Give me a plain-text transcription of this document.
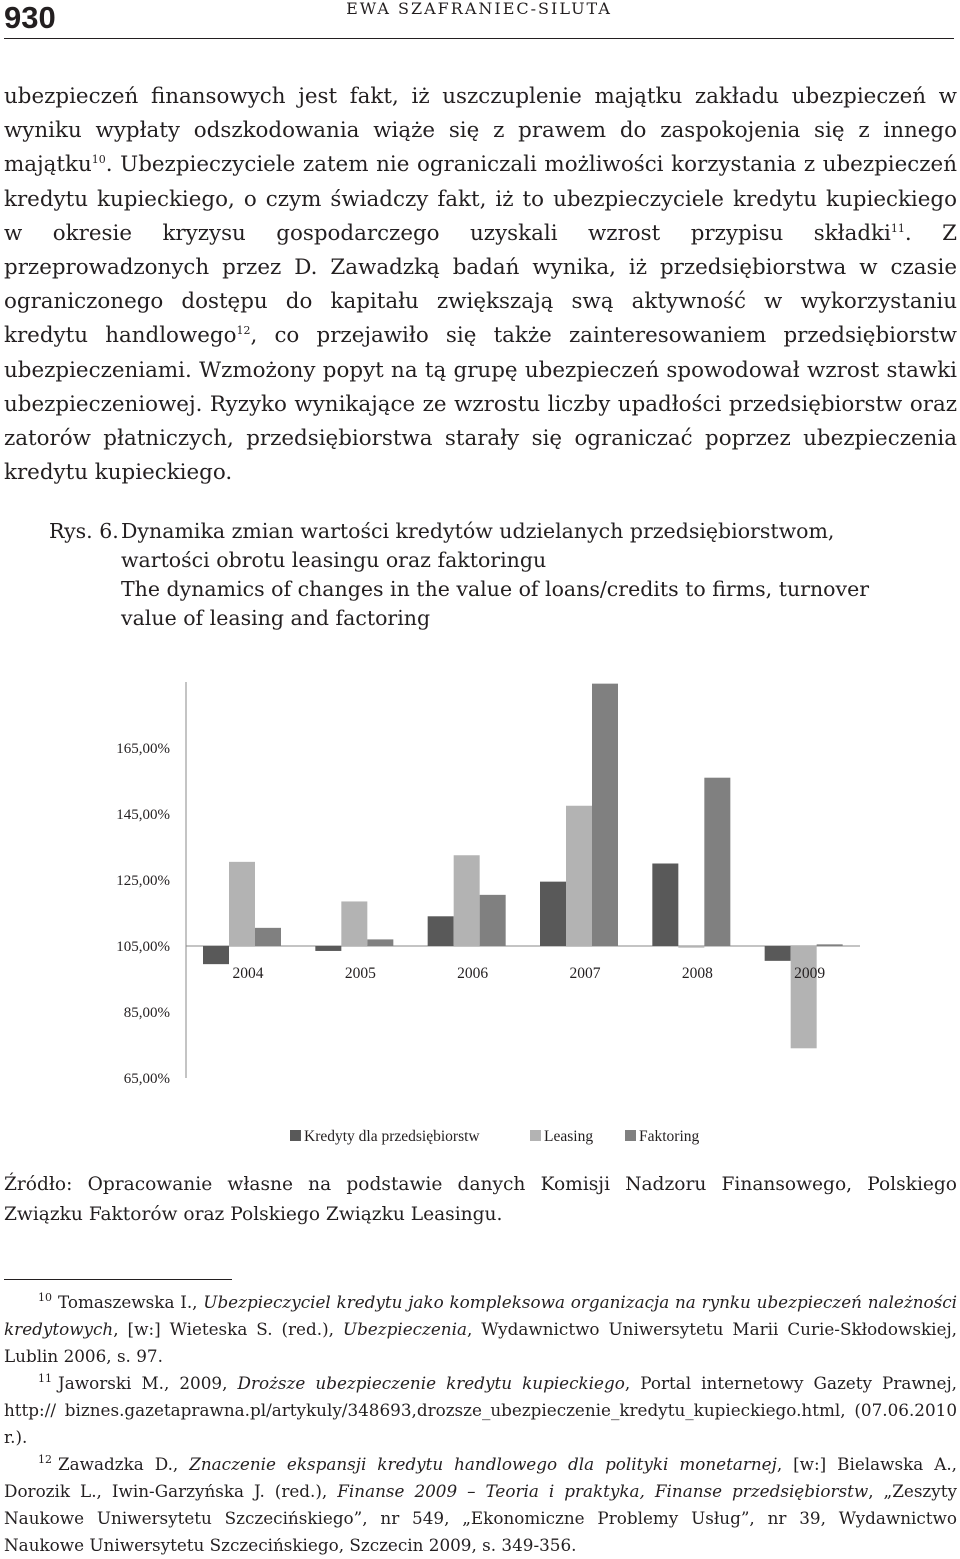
930	EWA SZAFRANIEC-SILUTA

ubezpieczeń finansowych jest fakt, iż uszczuplenie majątku zakładu ubezpieczeń w wyniku wypłaty odszkodowania wiąże się z prawem do zaspokojenia się z innego majątku$^{10}$. Ubezpieczyciele zatem nie ograniczali możliwości korzystania z ubezpieczeń kredytu kupieckiego, o czym świadczy fakt, iż to ubezpieczyciele kredytu kupieckiego w okresie kryzysu gospodarczego uzyskali wzrost przypisu składki$^{11}$. Z przeprowadzonych przez D. Zawadzką badań wynika, iż przedsiębiorstwa w czasie ograniczonego dostępu do kapitału zwiększają swą aktywność w wykorzystaniu kredytu handlowego$^{12}$, co przejawiło się także zainteresowaniem przedsiębiorstw ubezpieczeniami. Wzmożony popyt na tą grupę ubezpieczeń spowodował wzrost stawki ubezpieczeniowej. Ryzyko wynikające ze wzrostu liczby upadłości przedsiębiorstw oraz zatorów płatniczych, przedsiębiorstwa starały się ograniczać poprzez ubezpieczenia kredytu kupieckiego.

Rys. 6. Dynamika zmian wartości kredytów udzielanych przedsiębiorstwom, wartości obrotu leasingu oraz faktoringu
The dynamics of changes in the value of loans/credits to firms, turnover value of leasing and factoring
65,00%
85,00%
105,00%
125,00%
145,00%
165,00%
2004	2005	2006	2007	2008	2009
Kredyty dla przedsiębiorstw	Leasing	Faktoring
Źródło: Opracowanie własne na podstawie danych Komisji Nadzoru Finansowego, Polskiego Związku Faktorów oraz Polskiego Związku Leasingu.

10 Tomaszewska I., Ubezpieczyciel kredytu jako kompleksowa organizacja na rynku ubezpieczeń należności kredytowych, [w:] Wieteska S. (red.), Ubezpieczenia, Wydawnictwo Uniwersytetu Marii Curie-Skłodowskiej, Lublin 2006, s. 97.

11 Jaworski M., 2009, Droższe ubezpieczenie kredytu kupieckiego, Portal internetowy Gazety Prawnej, http:// biznes.gazetaprawna.pl/artykuly/348693,drozsze_ubezpieczenie_kredytu_kupieckiego.html, (07.06.2010 r.).

12 Zawadzka D., Znaczenie ekspansji kredytu handlowego dla polityki monetarnej, [w:] Bielawska A., Dorozik L., Iwin-Garzyńska J. (red.), Finanse 2009 – Teoria i praktyka, Finanse przedsiębiorstw, „Zeszyty Naukowe Uniwersytetu Szczecińskiego”, nr 549, „Ekonomiczne Problemy Usług”, nr 39, Wydawnictwo Naukowe Uniwersytetu Szczecińskiego, Szczecin 2009, s. 349-356.
